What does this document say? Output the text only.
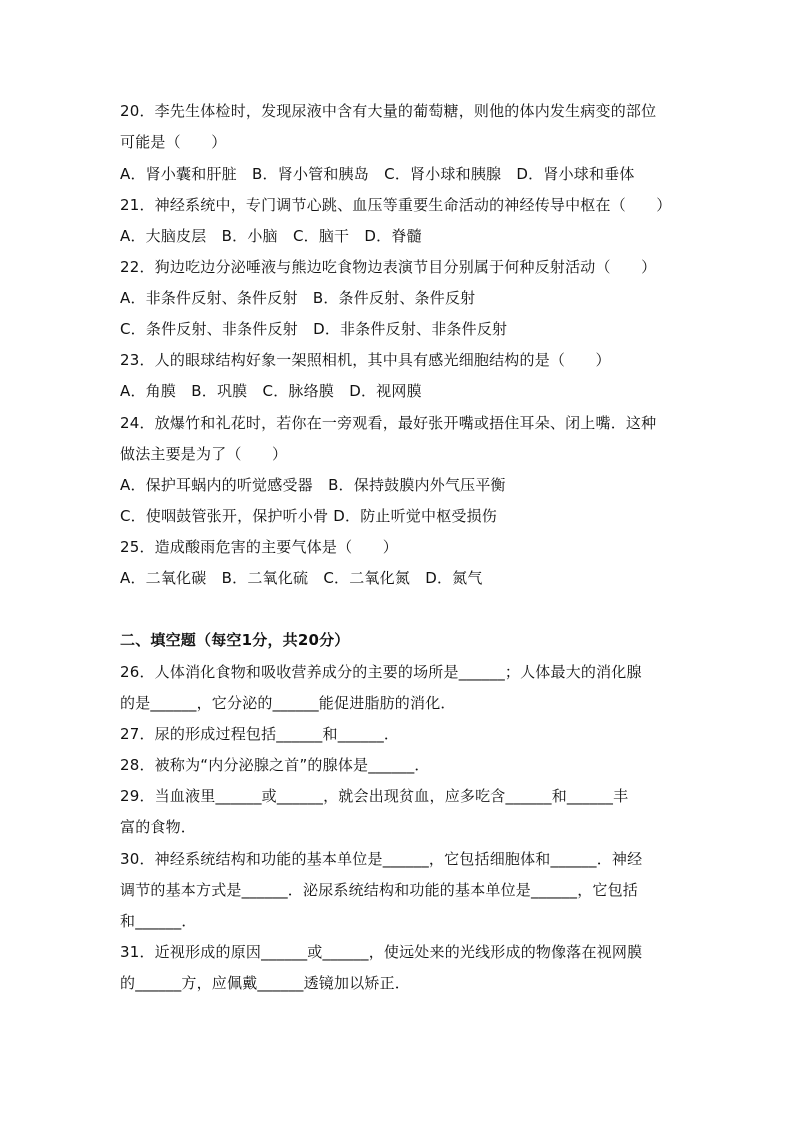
20．李先生体检时，发现尿液中含有大量的葡萄糖，则他的体内发生病变的部位
可能是（　　）
A．肾小囊和肝脏　B．肾小管和胰岛　C．肾小球和胰腺　D．肾小球和垂体
21．神经系统中，专门调节心跳、血压等重要生命活动的神经传导中枢在（　　）
A．大脑皮层　B．小脑　C．脑干　D．脊髓
22．狗边吃边分泌唾液与熊边吃食物边表演节目分别属于何种反射活动（　　）
A．非条件反射、条件反射　B．条件反射、条件反射
C．条件反射、非条件反射　D．非条件反射、非条件反射
23．人的眼球结构好象一架照相机，其中具有感光细胞结构的是（　　）
A．角膜　B．巩膜　C．脉络膜　D．视网膜
24．放爆竹和礼花时，若你在一旁观看，最好张开嘴或捂住耳朵、闭上嘴．这种
做法主要是为了（　　）
A．保护耳蜗内的听觉感受器　B．保持鼓膜内外气压平衡
C．使咽鼓管张开，保护听小骨 D．防止听觉中枢受损伤
25．造成酸雨危害的主要气体是（　　）
A．二氧化碳　B．二氧化硫　C．二氧化氮　D．氮气
二、填空题（每空1分，共20分）
26．人体消化食物和吸收营养成分的主要的场所是______；人体最大的消化腺
的是______，它分泌的______能促进脂肪的消化．
27．尿的形成过程包括______和______．
28．被称为“内分泌腺之首”的腺体是______．
29．当血液里______或______，就会出现贫血，应多吃含______和______丰
富的食物．
30．神经系统结构和功能的基本单位是______，它包括细胞体和______．神经
调节的基本方式是______．泌尿系统结构和功能的基本单位是______，它包括
和______．
31．近视形成的原因______或______，使远处来的光线形成的物像落在视网膜
的______方，应佩戴______透镜加以矫正．
